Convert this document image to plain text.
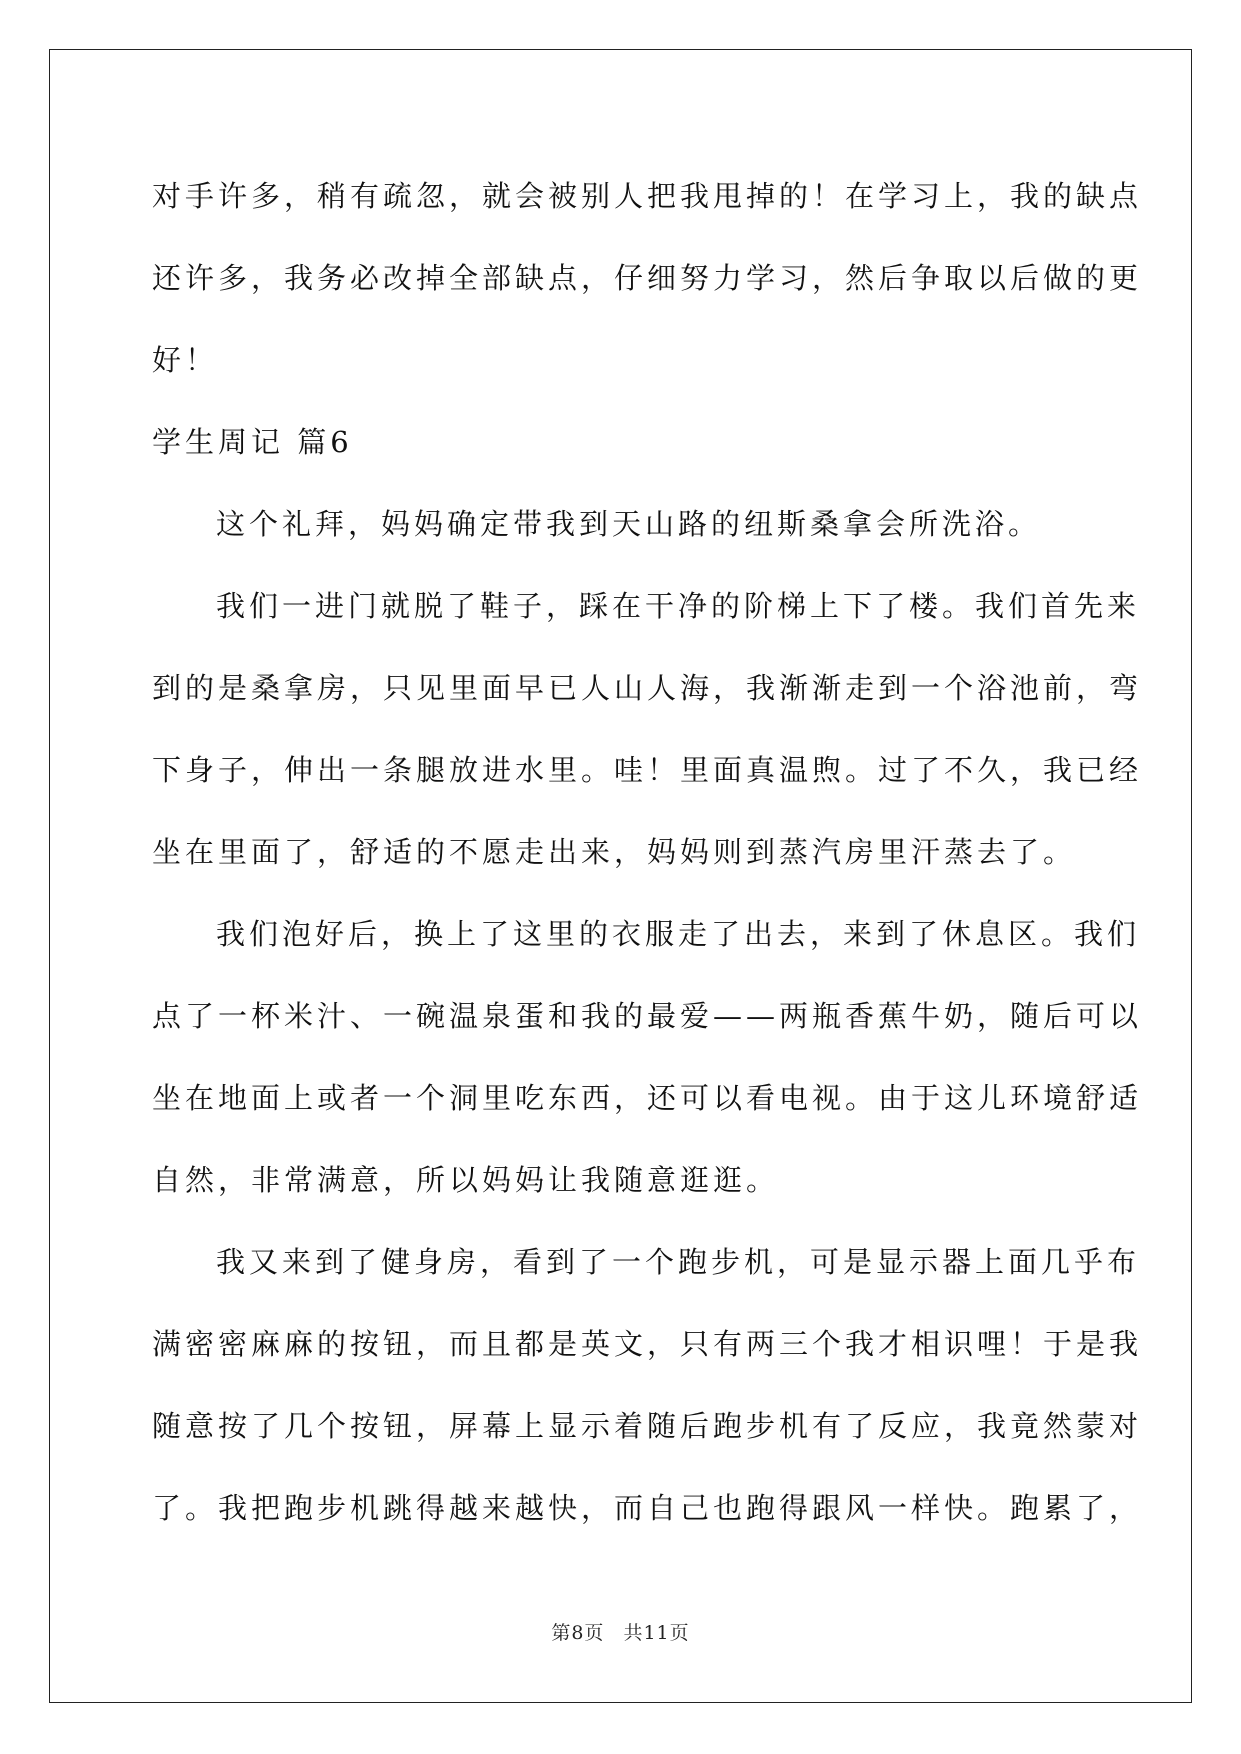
对手许多，稍有疏忽，就会被别人把我甩掉的！在学习上，我的缺点
还许多，我务必改掉全部缺点，仔细努力学习，然后争取以后做的更
好！
学生周记 篇6
这个礼拜，妈妈确定带我到天山路的纽斯桑拿会所洗浴。
我们一进门就脱了鞋子，踩在干净的阶梯上下了楼。我们首先来
到的是桑拿房，只见里面早已人山人海，我渐渐走到一个浴池前，弯
下身子，伸出一条腿放进水里。哇！里面真温煦。过了不久，我已经
坐在里面了，舒适的不愿走出来，妈妈则到蒸汽房里汗蒸去了。
我们泡好后，换上了这里的衣服走了出去，来到了休息区。我们
点了一杯米汁、一碗温泉蛋和我的最爱——两瓶香蕉牛奶，随后可以
坐在地面上或者一个洞里吃东西，还可以看电视。由于这儿环境舒适
自然，非常满意，所以妈妈让我随意逛逛。
我又来到了健身房，看到了一个跑步机，可是显示器上面几乎布
满密密麻麻的按钮，而且都是英文，只有两三个我才相识哩！于是我
随意按了几个按钮，屏幕上显示着随后跑步机有了反应，我竟然蒙对
了。我把跑步机跳得越来越快，而自己也跑得跟风一样快。跑累了，
第8页 共11页
